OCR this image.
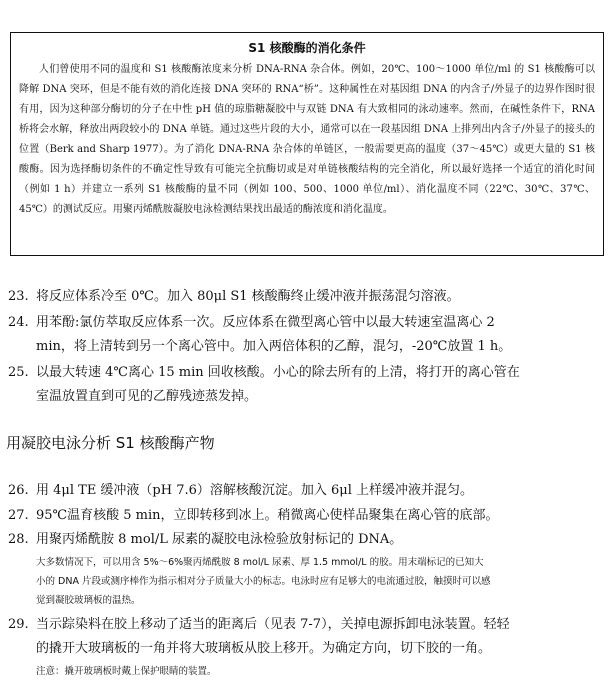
S1 核酸酶的消化条件

人们曾使用不同的温度和 S1 核酸酶浓度来分析 DNA-RNA 杂合体。例如，20℃、100～1000 单位/ml 的 S1 核酸酶可以降解 DNA 突环，但是不能有效的消化连接 DNA 突环的 RNA“桥”。这种属性在对基因组 DNA 的内含子/外显子的边界作图时很有用，因为这种部分酶切的分子在中性 pH 值的琼脂糖凝胶中与双链 DNA 有大致相同的泳动速率。然而，在碱性条件下，RNA 桥将会水解，释放出两段较小的 DNA 单链。通过这些片段的大小，通常可以在一段基因组 DNA 上排列出内含子/外显子的接头的位置（Berk and Sharp 1977）。为了消化 DNA-RNA 杂合体的单链区，一般需要更高的温度（37～45℃）或更大量的 S1 核酸酶。因为选择酶切条件的不确定性导致有可能完全抗酶切或是对单链核酸结构的完全消化，所以最好选择一个适宜的消化时间（例如 1 h）并建立一系列 S1 核酸酶的量不同（例如 100、500、1000 单位/ml）、消化温度不同（22℃、30℃、37℃、45℃）的测试反应。用聚丙烯酰胺凝胶电泳检测结果找出最适的酶浓度和消化温度。

23. 将反应体系冷至 0℃。加入 80μl S1 核酸酶终止缓冲液并振荡混匀溶液。
24. 用苯酚:氯仿萃取反应体系一次。反应体系在微型离心管中以最大转速室温离心 2
min，将上清转到另一个离心管中。加入两倍体积的乙醇，混匀，-20℃放置 1 h。
25. 以最大转速 4℃离心 15 min 回收核酸。小心的除去所有的上清，将打开的离心管在
室温放置直到可见的乙醇残迹蒸发掉。
用凝胶电泳分析 S1 核酸酶产物
26. 用 4μl TE 缓冲液（pH 7.6）溶解核酸沉淀。加入 6μl 上样缓冲液并混匀。
27. 95℃温育核酸 5 min，立即转移到冰上。稍微离心使样品聚集在离心管的底部。
28. 用聚丙烯酰胺 8 mol/L 尿素的凝胶电泳检验放射标记的 DNA。
大多数情况下，可以用含 5%～6%聚丙烯酰胺 8 mol/L 尿素、厚 1.5 mmol/L 的胶。用末端标记的已知大
小的 DNA 片段或测序棒作为指示相对分子质量大小的标志。电泳时应有足够大的电流通过胶，触摸时可以感
觉到凝胶玻璃板的温热。
29. 当示踪染料在胶上移动了适当的距离后（见表 7-7），关掉电源拆卸电泳装置。轻轻
的撬开大玻璃板的一角并将大玻璃板从胶上移开。为确定方向，切下胶的一角。
注意：撬开玻璃板时戴上保护眼睛的装置。
